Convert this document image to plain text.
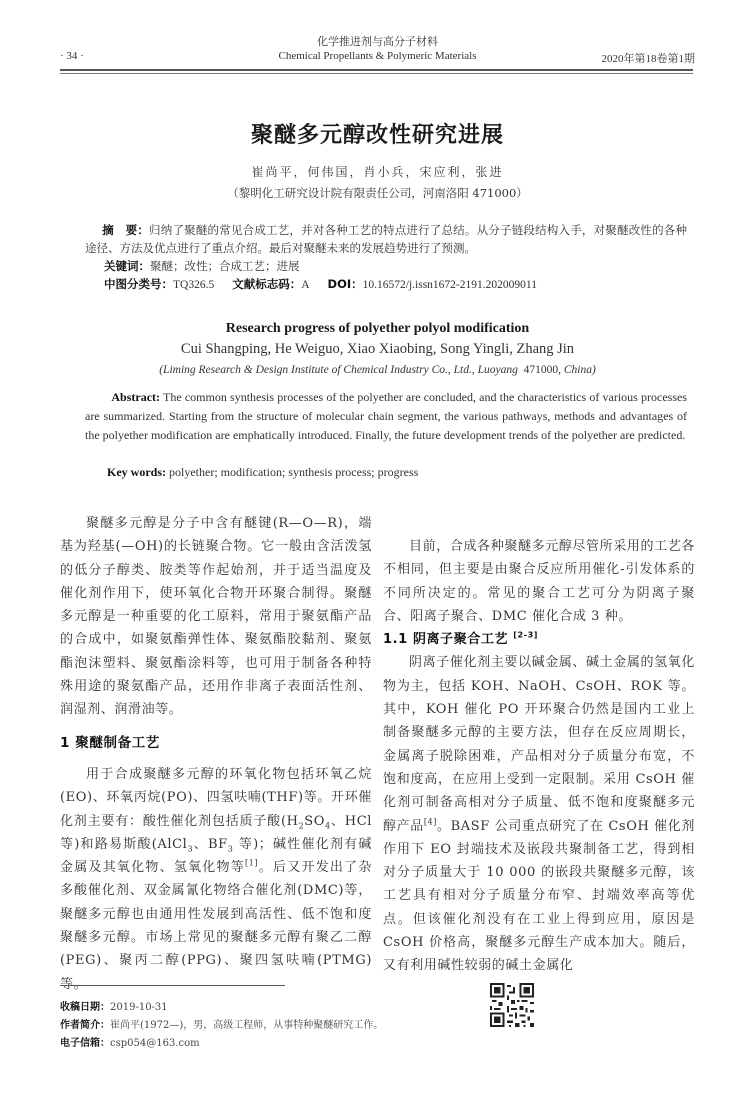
化学推进剂与高分子材料
Chemical Propellants & Polymeric Materials
· 34 ·	2020年第18卷第1期
聚醚多元醇改性研究进展
崔尚平，何伟国，肖小兵，宋应利，张进
（黎明化工研究设计院有限责任公司，河南洛阳 471000）
摘　要：归纳了聚醚的常见合成工艺，并对各种工艺的特点进行了总结。从分子链段结构入手，对聚醚改性的各种途径、方法及优点进行了重点介绍。最后对聚醚未来的发展趋势进行了预测。
关键词：聚醚；改性；合成工艺；进展
中图分类号：TQ326.5 文献标志码：A DOI：10.16572/j.issn1672-2191.202009011
Research progress of polyether polyol modification
Cui Shangping, He Weiguo, Xiao Xiaobing, Song Yingli, Zhang Jin
(Liming Research & Design Institute of Chemical Industry Co., Ltd., Luoyang 471000, China)
Abstract: The common synthesis processes of the polyether are concluded, and the characteristics of various processes are summarized. Starting from the structure of molecular chain segment, the various pathways, methods and advantages of the polyether modification are emphatically introduced. Finally, the future development trends of the polyether are predicted.
Key words: polyether; modification; synthesis process; progress

聚醚多元醇是分子中含有醚键(R—O—R)，端基为羟基(—OH)的长链聚合物。它一般由含活泼氢的低分子醇类、胺类等作起始剂，并于适当温度及催化剂作用下，使环氧化合物开环聚合制得。聚醚多元醇是一种重要的化工原料，常用于聚氨酯产品的合成中，如聚氨酯弹性体、聚氨酯胶黏剂、聚氨酯泡沫塑料、聚氨酯涂料等，也可用于制备各种特殊用途的聚氨酯产品，还用作非离子表面活性剂、润湿剂、润滑油等。

1 聚醚制备工艺

用于合成聚醚多元醇的环氧化物包括环氧乙烷(EO)、环氧丙烷(PO)、四氢呋喃(THF)等。开环催化剂主要有：酸性催化剂包括质子酸($H_2SO_4$、HCl 等)和路易斯酸(AlCl$_3$、$BF_3$ 等)；碱性催化剂有碱金属及其氧化物、氢氧化物等[1]。后又开发出了杂多酸催化剂、双金属氰化物络合催化剂(DMC)等，聚醚多元醇也由通用性发展到高活性、低不饱和度聚醚多元醇。市场上常见的聚醚多元醇有聚乙二醇(PEG)、聚丙二醇(PPG)、聚四氢呋喃(PTMG)等。

目前，合成各种聚醚多元醇尽管所采用的工艺各不相同，但主要是由聚合反应所用催化-引发体系的不同所决定的。常见的聚合工艺可分为阴离子聚合、阳离子聚合、DMC 催化合成 3 种。

1.1 阴离子聚合工艺 [2-3]

阴离子催化剂主要以碱金属、碱土金属的氢氧化物为主，包括 KOH、NaOH、CsOH、ROK 等。其中，KOH 催化 PO 开环聚合仍然是国内工业上制备聚醚多元醇的主要方法，但存在反应周期长，金属离子脱除困难，产品相对分子质量分布宽，不饱和度高，在应用上受到一定限制。采用 CsOH 催化剂可制备高相对分子质量、低不饱和度聚醚多元醇产品[4]。BASF 公司重点研究了在 CsOH 催化剂作用下 EO 封端技术及嵌段共聚制备工艺，得到相对分子质量大于 10 000 的嵌段共聚醚多元醇，该工艺具有相对分子质量分布窄、封端效率高等优点。但该催化剂没有在工业上得到应用，原因是 CsOH 价格高，聚醚多元醇生产成本加大。随后，又有利用碱性较弱的碱土金属化

收稿日期：2019-10-31
作者简介：崔尚平(1972—)，男，高级工程师，从事特种聚醚研究工作。
电子信箱：csp054@163.com
